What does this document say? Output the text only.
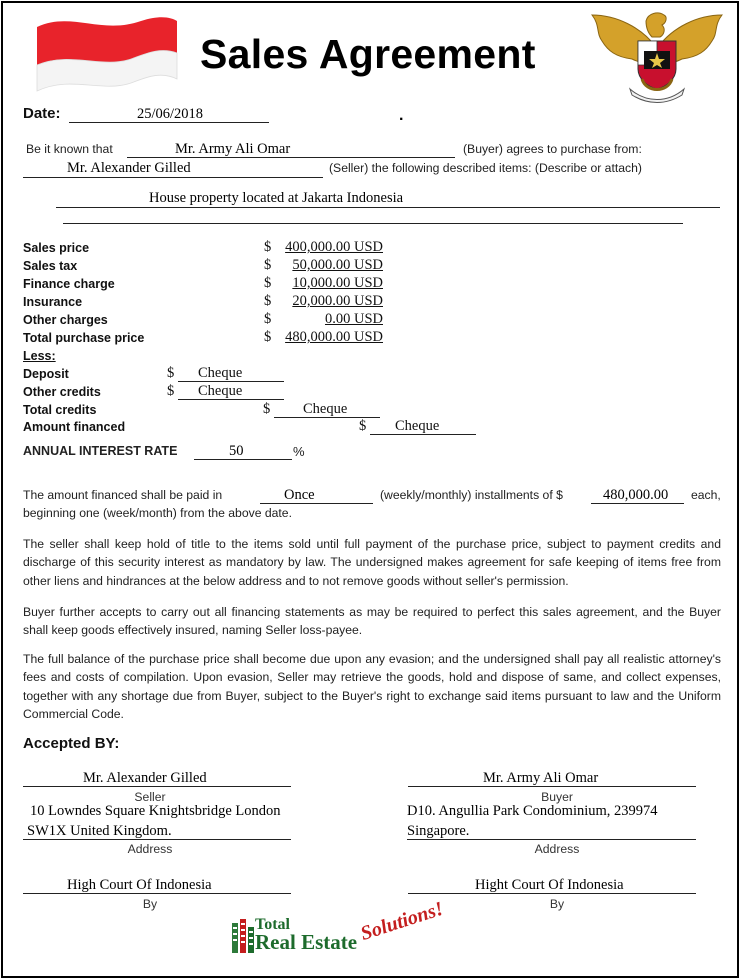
Sales Agreement
Date:	25/06/2018	.
Be it known that	Mr. Army Ali Omar	(Buyer) agrees to purchase from:
Mr. Alexander Gilled	(Seller) the following described items: (Describe or attach)
House property located at Jakarta Indonesia
Sales price	$ 400,000.00 USD
Sales tax	$	50,000.00 USD
Finance charge	$	10,000.00 USD
Insurance	$	20,000.00 USD
Other charges	$	0.00 USD
Total purchase price	$ 480,000.00 USD
Less:
Deposit	$ Cheque
Other credits	$ Cheque
Total credits	$ Cheque
Amount financed	$ Cheque
ANNUAL INTEREST RATE	50	%
The amount financed shall be paid in	Once	(weekly/monthly) installments of $	480,000.00 each,
beginning one (week/month) from the above date.
The seller shall keep hold of title to the items sold until full payment of the purchase price, subject to payment credits and discharge of this security interest as mandatory by law. The undersigned makes agreement for safe keeping of items free from other liens and hindrances at the below address and to not remove goods without seller's permission.
Buyer further accepts to carry out all financing statements as may be required to perfect this sales agreement, and the Buyer shall keep goods effectively insured, naming Seller loss-payee.
The full balance of the purchase price shall become due upon any evasion; and the undersigned shall pay all realistic attorney's fees and costs of compilation. Upon evasion, Seller may retrieve the goods, hold and dispose of same, and collect expenses, together with any shortage due from Buyer, subject to the Buyer's right to exchange said items pursuant to law and the Uniform Commercial Code.
Accepted BY:
Mr. Alexander Gilled
Seller
10 Lowndes Square Knightsbridge London
SW1X United Kingdom.
Address
High Court Of Indonesia
By
Mr. Army Ali Omar
Buyer
D10. Angullia Park Condominium, 239974
Singapore.
Address
Hight Court Of Indonesia
By
Total
Real Estate Solutions!
